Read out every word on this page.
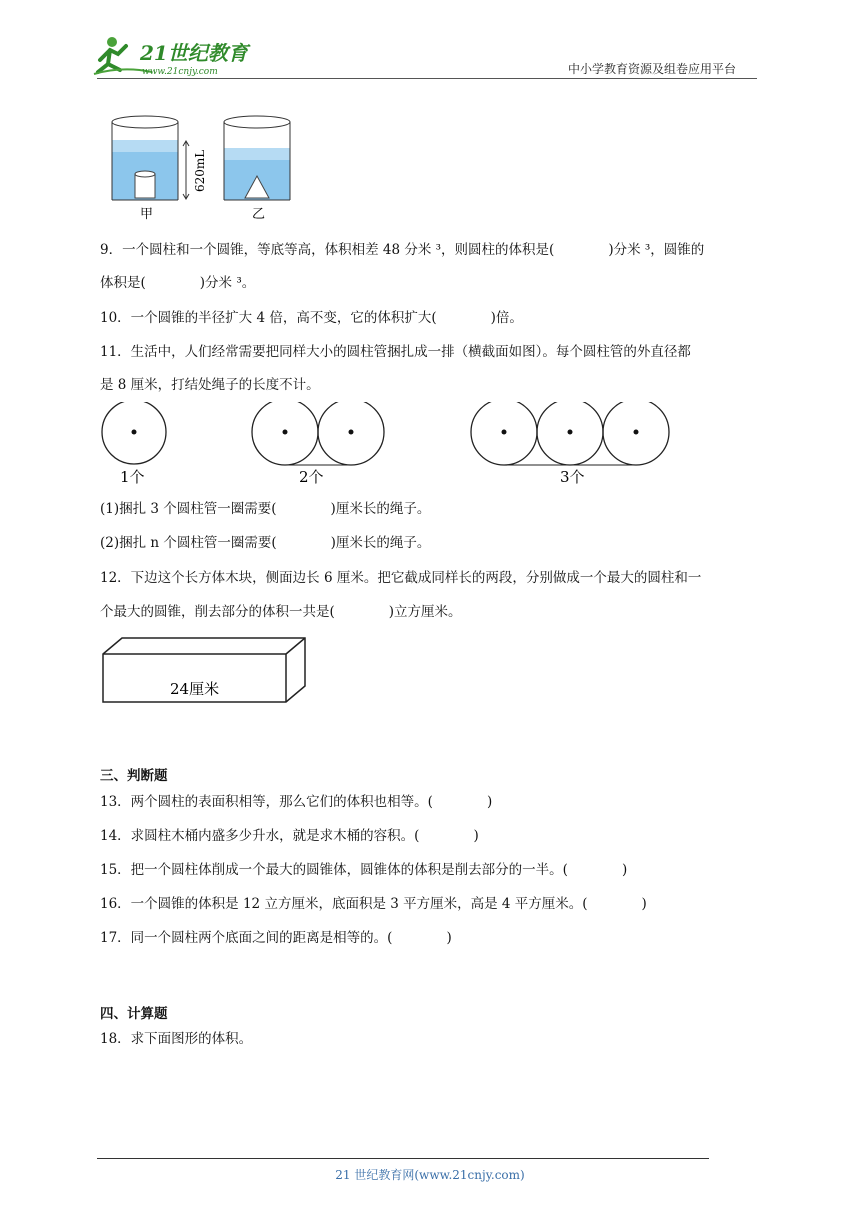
21世纪教育
www.21cnjy.com	中小学教育资源及组卷应用平台
620mL
甲	乙
9．一个圆柱和一个圆锥，等底等高，体积相差 48 分米 ³，则圆柱的体积是(　　　　)分米 ³，圆锥的
体积是(　　　　)分米 ³。
10．一个圆锥的半径扩大 4 倍，高不变，它的体积扩大(　　　　)倍。
11．生活中，人们经常需要把同样大小的圆柱管捆扎成一排（横截面如图）。每个圆柱管的外直径都
是 8 厘米，打结处绳子的长度不计。
1个	2个	3个
(1)捆扎 3 个圆柱管一圈需要(　　　　)厘米长的绳子。
(2)捆扎 n 个圆柱管一圈需要(　　　　)厘米长的绳子。
12．下边这个长方体木块，侧面边长 6 厘米。把它截成同样长的两段，分别做成一个最大的圆柱和一
个最大的圆锥，削去部分的体积一共是(　　　　)立方厘米。
24厘米
三、判断题
13．两个圆柱的表面积相等，那么它们的体积也相等。(　　　　)
14．求圆柱木桶内盛多少升水，就是求木桶的容积。(　　　　)
15．把一个圆柱体削成一个最大的圆锥体，圆锥体的体积是削去部分的一半。(　　　　)
16．一个圆锥的体积是 12 立方厘米，底面积是 3 平方厘米，高是 4 平方厘米。(　　　　)
17．同一个圆柱两个底面之间的距离是相等的。(　　　　)
四、计算题
18．求下面图形的体积。
21 世纪教育网(www.21cnjy.com)
